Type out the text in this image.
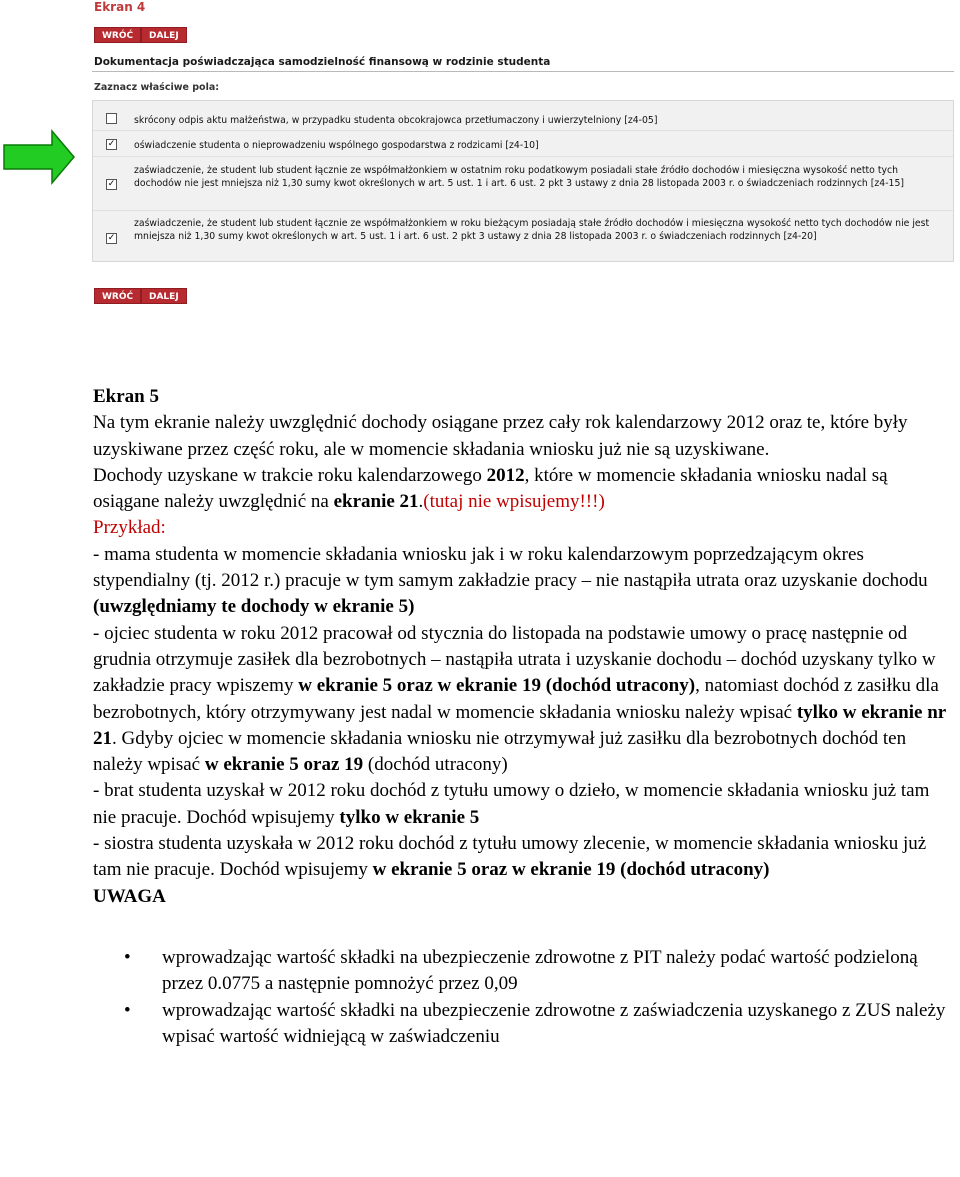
Ekran 4
WRÓĆ	DALEJ
Dokumentacja poświadczająca samodzielność finansową w rodzinie studenta
Zaznacz właściwe pola:
skrócony odpis aktu małżeństwa, w przypadku studenta obcokrajowca przetłumaczony i uwierzytelniony [z4-05]
✓ oświadczenie studenta o nieprowadzeniu wspólnego gospodarstwa z rodzicami [z4-10]
✓
zaświadczenie, że student lub student łącznie ze współmałżonkiem w ostatnim roku podatkowym posiadali stałe źródło dochodów i miesięczna wysokość netto tych dochodów nie jest mniejsza niż 1,30 sumy kwot określonych w art. 5 ust. 1 i art. 6 ust. 2 pkt 3 ustawy z dnia 28 listopada 2003 r. o świadczeniach rodzinnych [z4-15]
✓
zaświadczenie, że student lub student łącznie ze współmałżonkiem w roku bieżącym posiadają stałe źródło dochodów i miesięczna wysokość netto tych dochodów nie jest mniejsza niż 1,30 sumy kwot określonych w art. 5 ust. 1 i art. 6 ust. 2 pkt 3 ustawy z dnia 28 listopada 2003 r. o świadczeniach rodzinnych [z4-20]
WRÓĆ	DALEJ

Ekran 5

Na tym ekranie należy uwzględnić dochody osiągane przez cały rok kalendarzowy 2012 oraz te, które były uzyskiwane przez część roku, ale w momencie składania wniosku już nie są uzyskiwane.

Dochody uzyskane w trakcie roku kalendarzowego 2012, które w momencie składania wniosku nadal są osiągane należy uwzględnić na ekranie 21.(tutaj nie wpisujemy!!!)

Przykład:

- mama studenta w momencie składania wniosku jak i w roku kalendarzowym poprzedzającym okres stypendialny (tj. 2012 r.) pracuje w tym samym zakładzie pracy – nie nastąpiła utrata oraz uzyskanie dochodu (uwzględniamy te dochody w ekranie 5)

- ojciec studenta w roku 2012 pracował od stycznia do listopada na podstawie umowy o pracę następnie od grudnia otrzymuje zasiłek dla bezrobotnych – nastąpiła utrata i uzyskanie dochodu – dochód uzyskany tylko w zakładzie pracy wpiszemy w ekranie 5 oraz w ekranie 19 (dochód utracony), natomiast dochód z zasiłku dla bezrobotnych, który otrzymywany jest nadal w momencie składania wniosku należy wpisać tylko w ekranie nr 21. Gdyby ojciec w momencie składania wniosku nie otrzymywał już zasiłku dla bezrobotnych dochód ten należy wpisać w ekranie 5 oraz 19 (dochód utracony)

- brat studenta uzyskał w 2012 roku dochód z tytułu umowy o dzieło, w momencie składania wniosku już tam nie pracuje. Dochód wpisujemy tylko w ekranie 5

- siostra studenta uzyskała w 2012 roku dochód z tytułu umowy zlecenie, w momencie składania wniosku już tam nie pracuje. Dochód wpisujemy w ekranie 5 oraz w ekranie 19 (dochód utracony)

UWAGA

• wprowadzając wartość składki na ubezpieczenie zdrowotne z PIT należy podać wartość podzieloną przez 0.0775 a następnie pomnożyć przez 0,09
• wprowadzając wartość składki na ubezpieczenie zdrowotne z zaświadczenia uzyskanego z ZUS należy wpisać wartość widniejącą w zaświadczeniu
